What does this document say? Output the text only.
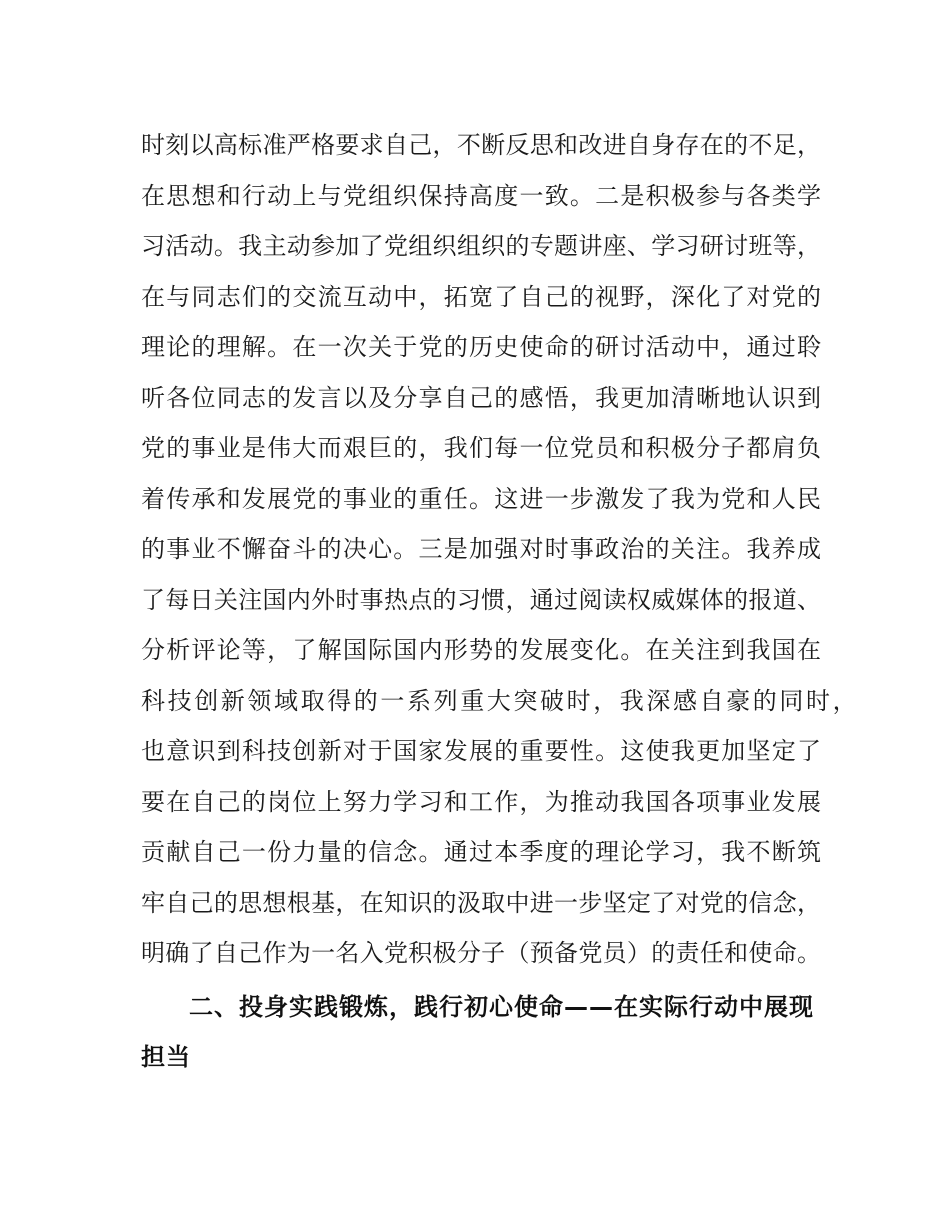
时刻以高标准严格要求自己，不断反思和改进自身存在的不足，
在思想和行动上与党组织保持高度一致。二是积极参与各类学
习活动。我主动参加了党组织组织的专题讲座、学习研讨班等，
在与同志们的交流互动中，拓宽了自己的视野，深化了对党的
理论的理解。在一次关于党的历史使命的研讨活动中，通过聆
听各位同志的发言以及分享自己的感悟，我更加清晰地认识到
党的事业是伟大而艰巨的，我们每一位党员和积极分子都肩负
着传承和发展党的事业的重任。这进一步激发了我为党和人民
的事业不懈奋斗的决心。三是加强对时事政治的关注。我养成
了每日关注国内外时事热点的习惯，通过阅读权威媒体的报道、
分析评论等，了解国际国内形势的发展变化。在关注到我国在
科技创新领域取得的一系列重大突破时，我深感自豪的同时，
也意识到科技创新对于国家发展的重要性。这使我更加坚定了
要在自己的岗位上努力学习和工作，为推动我国各项事业发展
贡献自己一份力量的信念。通过本季度的理论学习，我不断筑
牢自己的思想根基，在知识的汲取中进一步坚定了对党的信念，
明确了自己作为一名入党积极分子（预备党员）的责任和使命。
二、投身实践锻炼，践行初心使命——在实际行动中展现
担当
